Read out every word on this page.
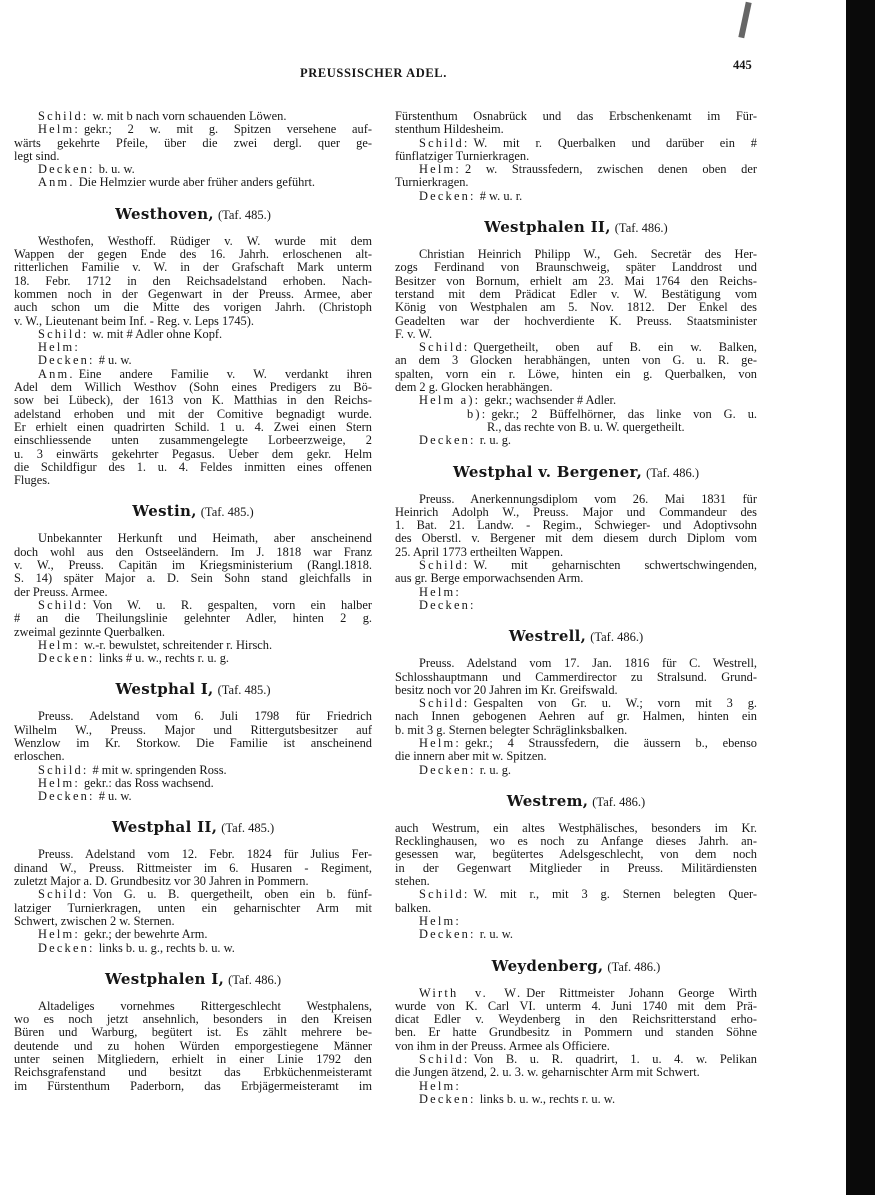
PREUSSISCHER ADEL.
445
Schild: w. mit b nach vorn schauenden Löwen.
Helm: gekr.; 2 w. mit g. Spitzen versehene auf-
wärts gekehrte Pfeile, über die zwei dergl. quer ge-
legt sind.
Decken: b. u. w.
Anm. Die Helmzier wurde aber früher anders geführt.
Westhoven, (Taf. 485.)
Westhofen, Westhoff. Rüdiger v. W. wurde mit dem
Wappen der gegen Ende des 16. Jahrh. erloschenen alt-
ritterlichen Familie v. W. in der Grafschaft Mark unterm
18. Febr. 1712 in den Reichsadelstand erhoben. Nach-
kommen noch in der Gegenwart in der Preuss. Armee, aber
auch schon um die Mitte des vorigen Jahrh. (Christoph
v. W., Lieutenant beim Inf. - Reg. v. Leps 1745).
Schild: w. mit # Adler ohne Kopf.
Helm:
Decken: # u. w.
Anm. Eine andere Familie v. W. verdankt ihren
Adel dem Willich Westhov (Sohn eines Predigers zu Bö-
sow bei Lübeck), der 1613 von K. Matthias in den Reichs-
adelstand erhoben und mit der Comitive begnadigt wurde.
Er erhielt einen quadrirten Schild. 1 u. 4. Zwei einen Stern
einschliessende unten zusammengelegte Lorbeerzweige, 2
u. 3 einwärts gekehrter Pegasus. Ueber dem gekr. Helm
die Schildfigur des 1. u. 4. Feldes inmitten eines offenen
Fluges.
Westin, (Taf. 485.)
Unbekannter Herkunft und Heimath, aber anscheinend
doch wohl aus den Ostseeländern. Im J. 1818 war Franz
v. W., Preuss. Capitän im Kriegsministerium (Rangl.1818.
S. 14) später Major a. D. Sein Sohn stand gleichfalls in
der Preuss. Armee.
Schild: Von W. u. R. gespalten, vorn ein halber
# an die Theilungslinie gelehnter Adler, hinten 2 g.
zweimal gezinnte Querbalken.
Helm: w.-r. bewulstet, schreitender r. Hirsch.
Decken: links # u. w., rechts r. u. g.
Westphal I, (Taf. 485.)
Preuss. Adelstand vom 6. Juli 1798 für Friedrich
Wilhelm W., Preuss. Major und Rittergutsbesitzer auf
Wenzlow im Kr. Storkow. Die Familie ist anscheinend
erloschen.
Schild: # mit w. springenden Ross.
Helm: gekr.: das Ross wachsend.
Decken: # u. w.
Westphal II, (Taf. 485.)
Preuss. Adelstand vom 12. Febr. 1824 für Julius Fer-
dinand W., Preuss. Rittmeister im 6. Husaren - Regiment,
zuletzt Major a. D. Grundbesitz vor 30 Jahren in Pommern.
Schild: Von G. u. B. quergetheilt, oben ein b. fünf-
latziger Turnierkragen, unten ein geharnischter Arm mit
Schwert, zwischen 2 w. Sternen.
Helm: gekr.; der bewehrte Arm.
Decken: links b. u. g., rechts b. u. w.
Westphalen I, (Taf. 486.)
Altadeliges vornehmes Rittergeschlecht Westphalens,
wo es noch jetzt ansehnlich, besonders in den Kreisen
Büren und Warburg, begütert ist. Es zählt mehrere be-
deutende und zu hohen Würden emporgestiegene Männer
unter seinen Mitgliedern, erhielt in einer Linie 1792 den
Reichsgrafenstand und besitzt das Erbküchenmeisteramt
im Fürstenthum Paderborn, das Erbjägermeisteramt im
Fürstenthum Osnabrück und das Erbschenkenamt im Für-
stenthum Hildesheim.
Schild: W. mit r. Querbalken und darüber ein #
fünflatziger Turnierkragen.
Helm: 2 w. Straussfedern, zwischen denen oben der
Turnierkragen.
Decken: # w. u. r.
Westphalen II, (Taf. 486.)
Christian Heinrich Philipp W., Geh. Secretär des Her-
zogs Ferdinand von Braunschweig, später Landdrost und
Besitzer von Bornum, erhielt am 23. Mai 1764 den Reichs-
terstand mit dem Prädicat Edler v. W. Bestätigung vom
König von Westphalen am 5. Nov. 1812. Der Enkel des
Geadelten war der hochverdiente K. Preuss. Staatsminister
F. v. W.
Schild: Quergetheilt, oben auf B. ein w. Balken,
an dem 3 Glocken herabhängen, unten von G. u. R. ge-
spalten, vorn ein r. Löwe, hinten ein g. Querbalken, von
dem 2 g. Glocken herabhängen.
Helm a): gekr.; wachsender # Adler.
b): gekr.; 2 Büffelhörner, das linke von G. u.
R., das rechte von B. u. W. quergetheilt.
Decken: r. u. g.
Westphal v. Bergener, (Taf. 486.)
Preuss. Anerkennungsdiplom vom 26. Mai 1831 für
Heinrich Adolph W., Preuss. Major und Commandeur des
1. Bat. 21. Landw. - Regim., Schwieger- und Adoptivsohn
des Oberstl. v. Bergener mit dem diesem durch Diplom vom
25. April 1773 ertheilten Wappen.
Schild: W. mit geharnischten schwertschwingenden,
aus gr. Berge emporwachsenden Arm.
Helm:
Decken:
Westrell, (Taf. 486.)
Preuss. Adelstand vom 17. Jan. 1816 für C. Westrell,
Schlosshauptmann und Cammerdirector zu Stralsund. Grund-
besitz noch vor 20 Jahren im Kr. Greifswald.
Schild: Gespalten von Gr. u. W.; vorn mit 3 g.
nach Innen gebogenen Aehren auf gr. Halmen, hinten ein
b. mit 3 g. Sternen belegter Schräglinksbalken.
Helm: gekr.; 4 Straussfedern, die äussern b., ebenso
die innern aber mit w. Spitzen.
Decken: r. u. g.
Westrem, (Taf. 486.)
auch Westrum, ein altes Westphälisches, besonders im Kr.
Recklinghausen, wo es noch zu Anfange dieses Jahrh. an-
gesessen war, begütertes Adelsgeschlecht, von dem noch
in der Gegenwart Mitglieder in Preuss. Militärdiensten
stehen.
Schild: W. mit r., mit 3 g. Sternen belegten Quer-
balken.
Helm:
Decken: r. u. w.
Weydenberg, (Taf. 486.)
Wirth v. W. Der Rittmeister Johann George Wirth
wurde von K. Carl VI. unterm 4. Juni 1740 mit dem Prä-
dicat Edler v. Weydenberg in den Reichsritterstand erho-
ben. Er hatte Grundbesitz in Pommern und standen Söhne
von ihm in der Preuss. Armee als Officiere.
Schild: Von B. u. R. quadrirt, 1. u. 4. w. Pelikan
die Jungen ätzend, 2. u. 3. w. geharnischter Arm mit Schwert.
Helm:
Decken: links b. u. w., rechts r. u. w.
